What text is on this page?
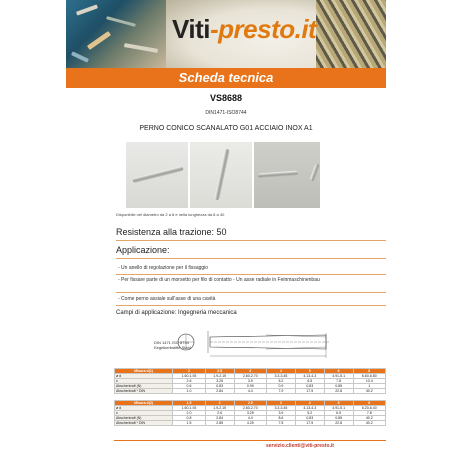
Viti-presto.it
Scheda tecnica
VS8688
DIN1471-ISO8744
PERNO CONICO SCANALATO G01 ACCIAIO INOX A1
Disponibile nel diametro da 2 a 8 e nella lunghezza da 8 a 40
Resistenza alla trazione: 50
Applicazione:
- Un anello di regolazione per il fissaggio
- Per fissare parte di un morsetto per filo di contatto - Un asse radiale in Feinmaschinenbau
- Come perno assiale sull'asse di una cavità
Campi di applicazione: Ingegneria meccanica
DIN 1471 ISO 8744
Kegelkerbstifte Stahl
Misura d(1)	2	2.5	3	4	5	6	8
ø d	1.60-1.93	1.9-2.15	2.60-2.70	3.3-3.45	4.13-4.3	4.91-5.1	6.60-6.80
c	2.6	3.25	3.9	5.2	6.5	7.8	10.4
Abscherkraft (N)	0.6	0.83	0.99	0.9	0.83	0.85	1
Abscherkraft * DIN	1.0	2.84	4.4	7.9	17.5	22.8	40.2
Misura d(2)	1.5	2	2.5	3	4	5	6
ø d	1.60-1.93	1.9-2.15	2.60-2.70	3.3-3.45	4.13-4.3	4.91-5.1	6.20-6.40
c	2.0	2.6	3.25	3.9	5.2	6.5	7.8
Abscherkraft (N)	0.8	2.84	4.4	8.6	0.83	0.85	40.2
Abscherkraft * DIN	1.5	2.85	4.25	7.5	17.5	22.8	40.2
servizio.clienti@viti-presto.it
